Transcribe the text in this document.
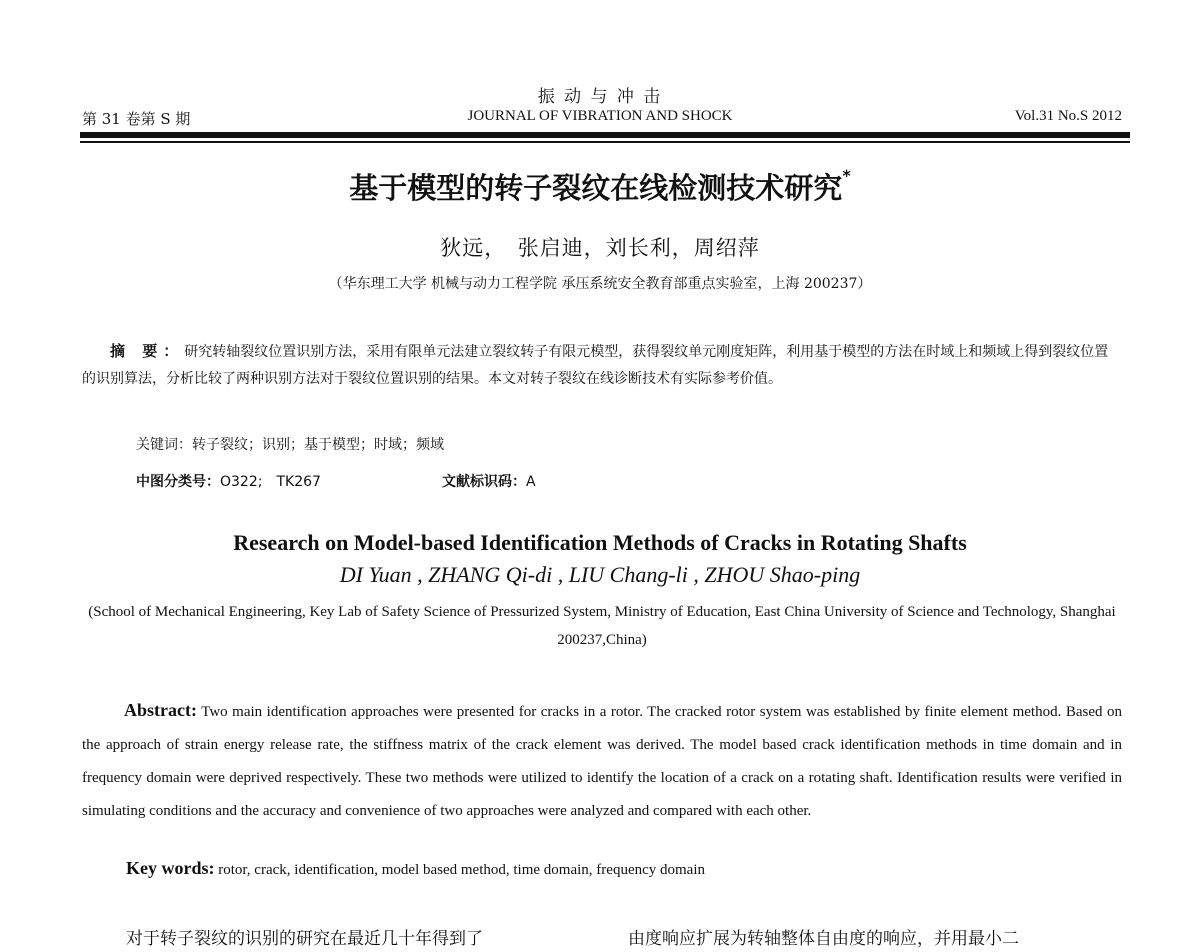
振 动 与 冲 击
第 31 卷第 S 期	JOURNAL OF VIBRATION AND SHOCK	Vol.31 No.S 2012
基于模型的转子裂纹在线检测技术研究*
狄远，　张启迪，刘长利，周绍萍
（华东理工大学 机械与动力工程学院 承压系统安全教育部重点实验室，上海 200237）
摘 要：研究转轴裂纹位置识别方法，采用有限单元法建立裂纹转子有限元模型，获得裂纹单元刚度矩阵，利用基于模型的方法在时域上和频域上得到裂纹位置的识别算法，分析比较了两种识别方法对于裂纹位置识别的结果。本文对转子裂纹在线诊断技术有实际参考价值。
关键词：转子裂纹；识别；基于模型；时域；频域
中图分类号：O322;　TK267	文献标识码：A
Research on Model-based Identification Methods of Cracks in Rotating Shafts
DI Yuan , ZHANG Qi-di , LIU Chang-li , ZHOU Shao-ping
(School of Mechanical Engineering, Key Lab of Safety Science of Pressurized System, Ministry of Education, East China University of Science and Technology, Shanghai 200237,China)
Abstract: Two main identification approaches were presented for cracks in a rotor. The cracked rotor system was established by finite element method. Based on the approach of strain energy release rate, the stiffness matrix of the crack element was derived. The model based crack identification methods in time domain and in frequency domain were deprived respectively. These two methods were utilized to identify the location of a crack on a rotating shaft. Identification results were verified in simulating conditions and the accuracy and convenience of two approaches were analyzed and compared with each other.
Key words: rotor, crack, identification, model based method, time domain, frequency domain
对于转子裂纹的识别的研究在最近几十年得到了	由度响应扩展为转轴整体自由度的响应，并用最小二
